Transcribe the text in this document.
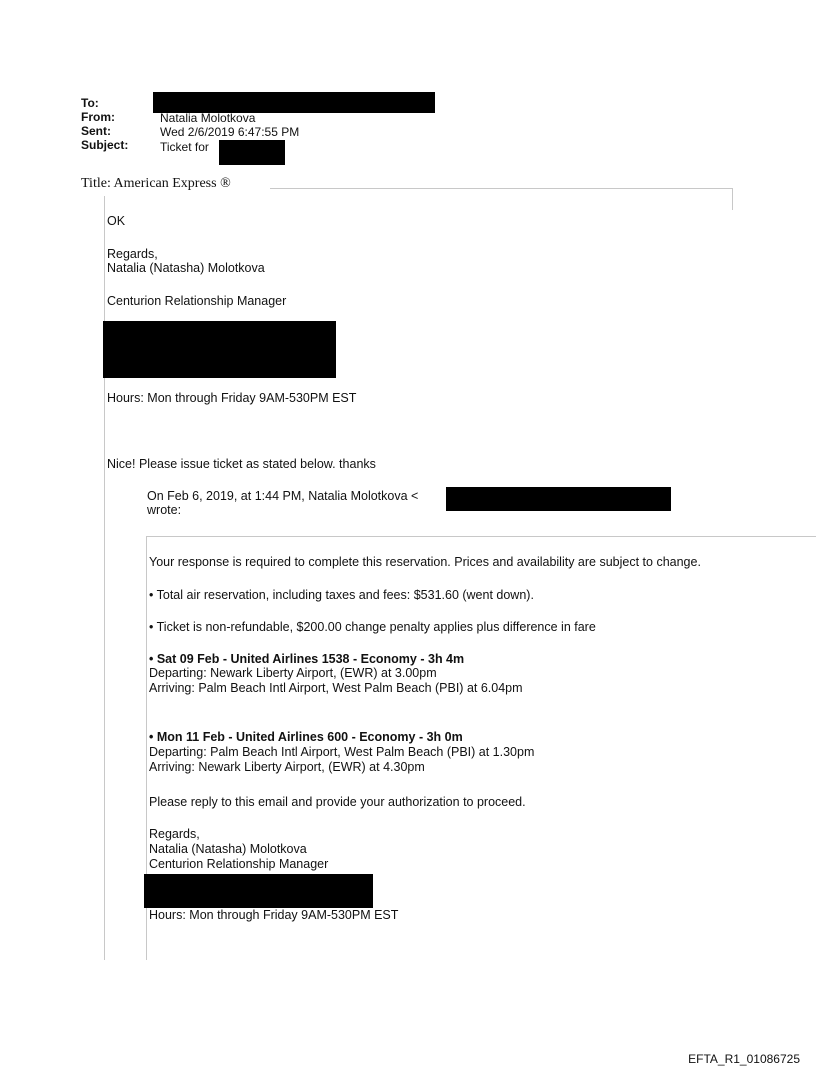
To:
From:	Natalia Molotkova
Sent:	Wed 2/6/2019 6:47:55 PM
Subject:	Ticket for
Title: American Express ®
OK
Regards,
Natalia (Natasha) Molotkova
Centurion Relationship Manager
Hours: Mon through Friday 9AM-530PM EST
Nice! Please issue ticket as stated below. thanks
On Feb 6, 2019, at 1:44 PM, Natalia Molotkova <
wrote:
Your response is required to complete this reservation. Prices and availability are subject to change.
• Total air reservation, including taxes and fees: $531.60 (went down).
• Ticket is non-refundable, $200.00 change penalty applies plus difference in fare
• Sat 09 Feb - United Airlines 1538 - Economy - 3h 4m
Departing: Newark Liberty Airport, (EWR) at 3.00pm
Arriving: Palm Beach Intl Airport, West Palm Beach (PBI) at 6.04pm
• Mon 11 Feb - United Airlines 600 - Economy - 3h 0m
Departing: Palm Beach Intl Airport, West Palm Beach (PBI) at 1.30pm
Arriving: Newark Liberty Airport, (EWR) at 4.30pm
Please reply to this email and provide your authorization to proceed.
Regards,
Natalia (Natasha) Molotkova
Centurion Relationship Manager
Hours: Mon through Friday 9AM-530PM EST
EFTA_R1_01086725
